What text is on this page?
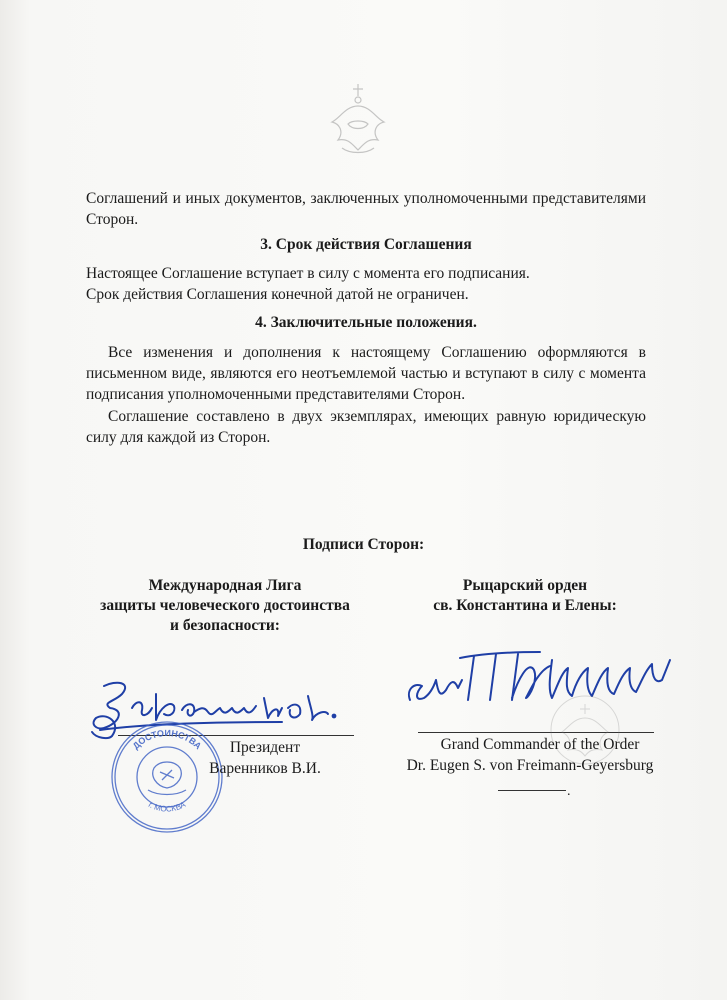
Соглашений и иных документов, заключенных уполномоченными представителями Сторон.
3. Срок действия Соглашения
Настоящее Соглашение вступает в силу с момента его подписания.
Срок действия Соглашения конечной датой не ограничен.
4. Заключительные положения.
Все изменения и дополнения к настоящему Соглашению оформляются в письменном виде, являются его неотъемлемой частью и вступают в силу с момента подписания уполномоченными представителями Сторон.
Соглашение составлено в двух экземплярах, имеющих равную юридическую силу для каждой из Сторон.
Подписи Сторон:
Международная Лига
защиты человеческого достоинства
и безопасности:
Рыцарский орден
св. Константина и Елены:
ДОСТОИНСТВА
г. МОСКВА
Президент
Варенников В.И.
Grand Commander of the Order
Dr. Eugen S. von Freimann-Geyersburg
.
